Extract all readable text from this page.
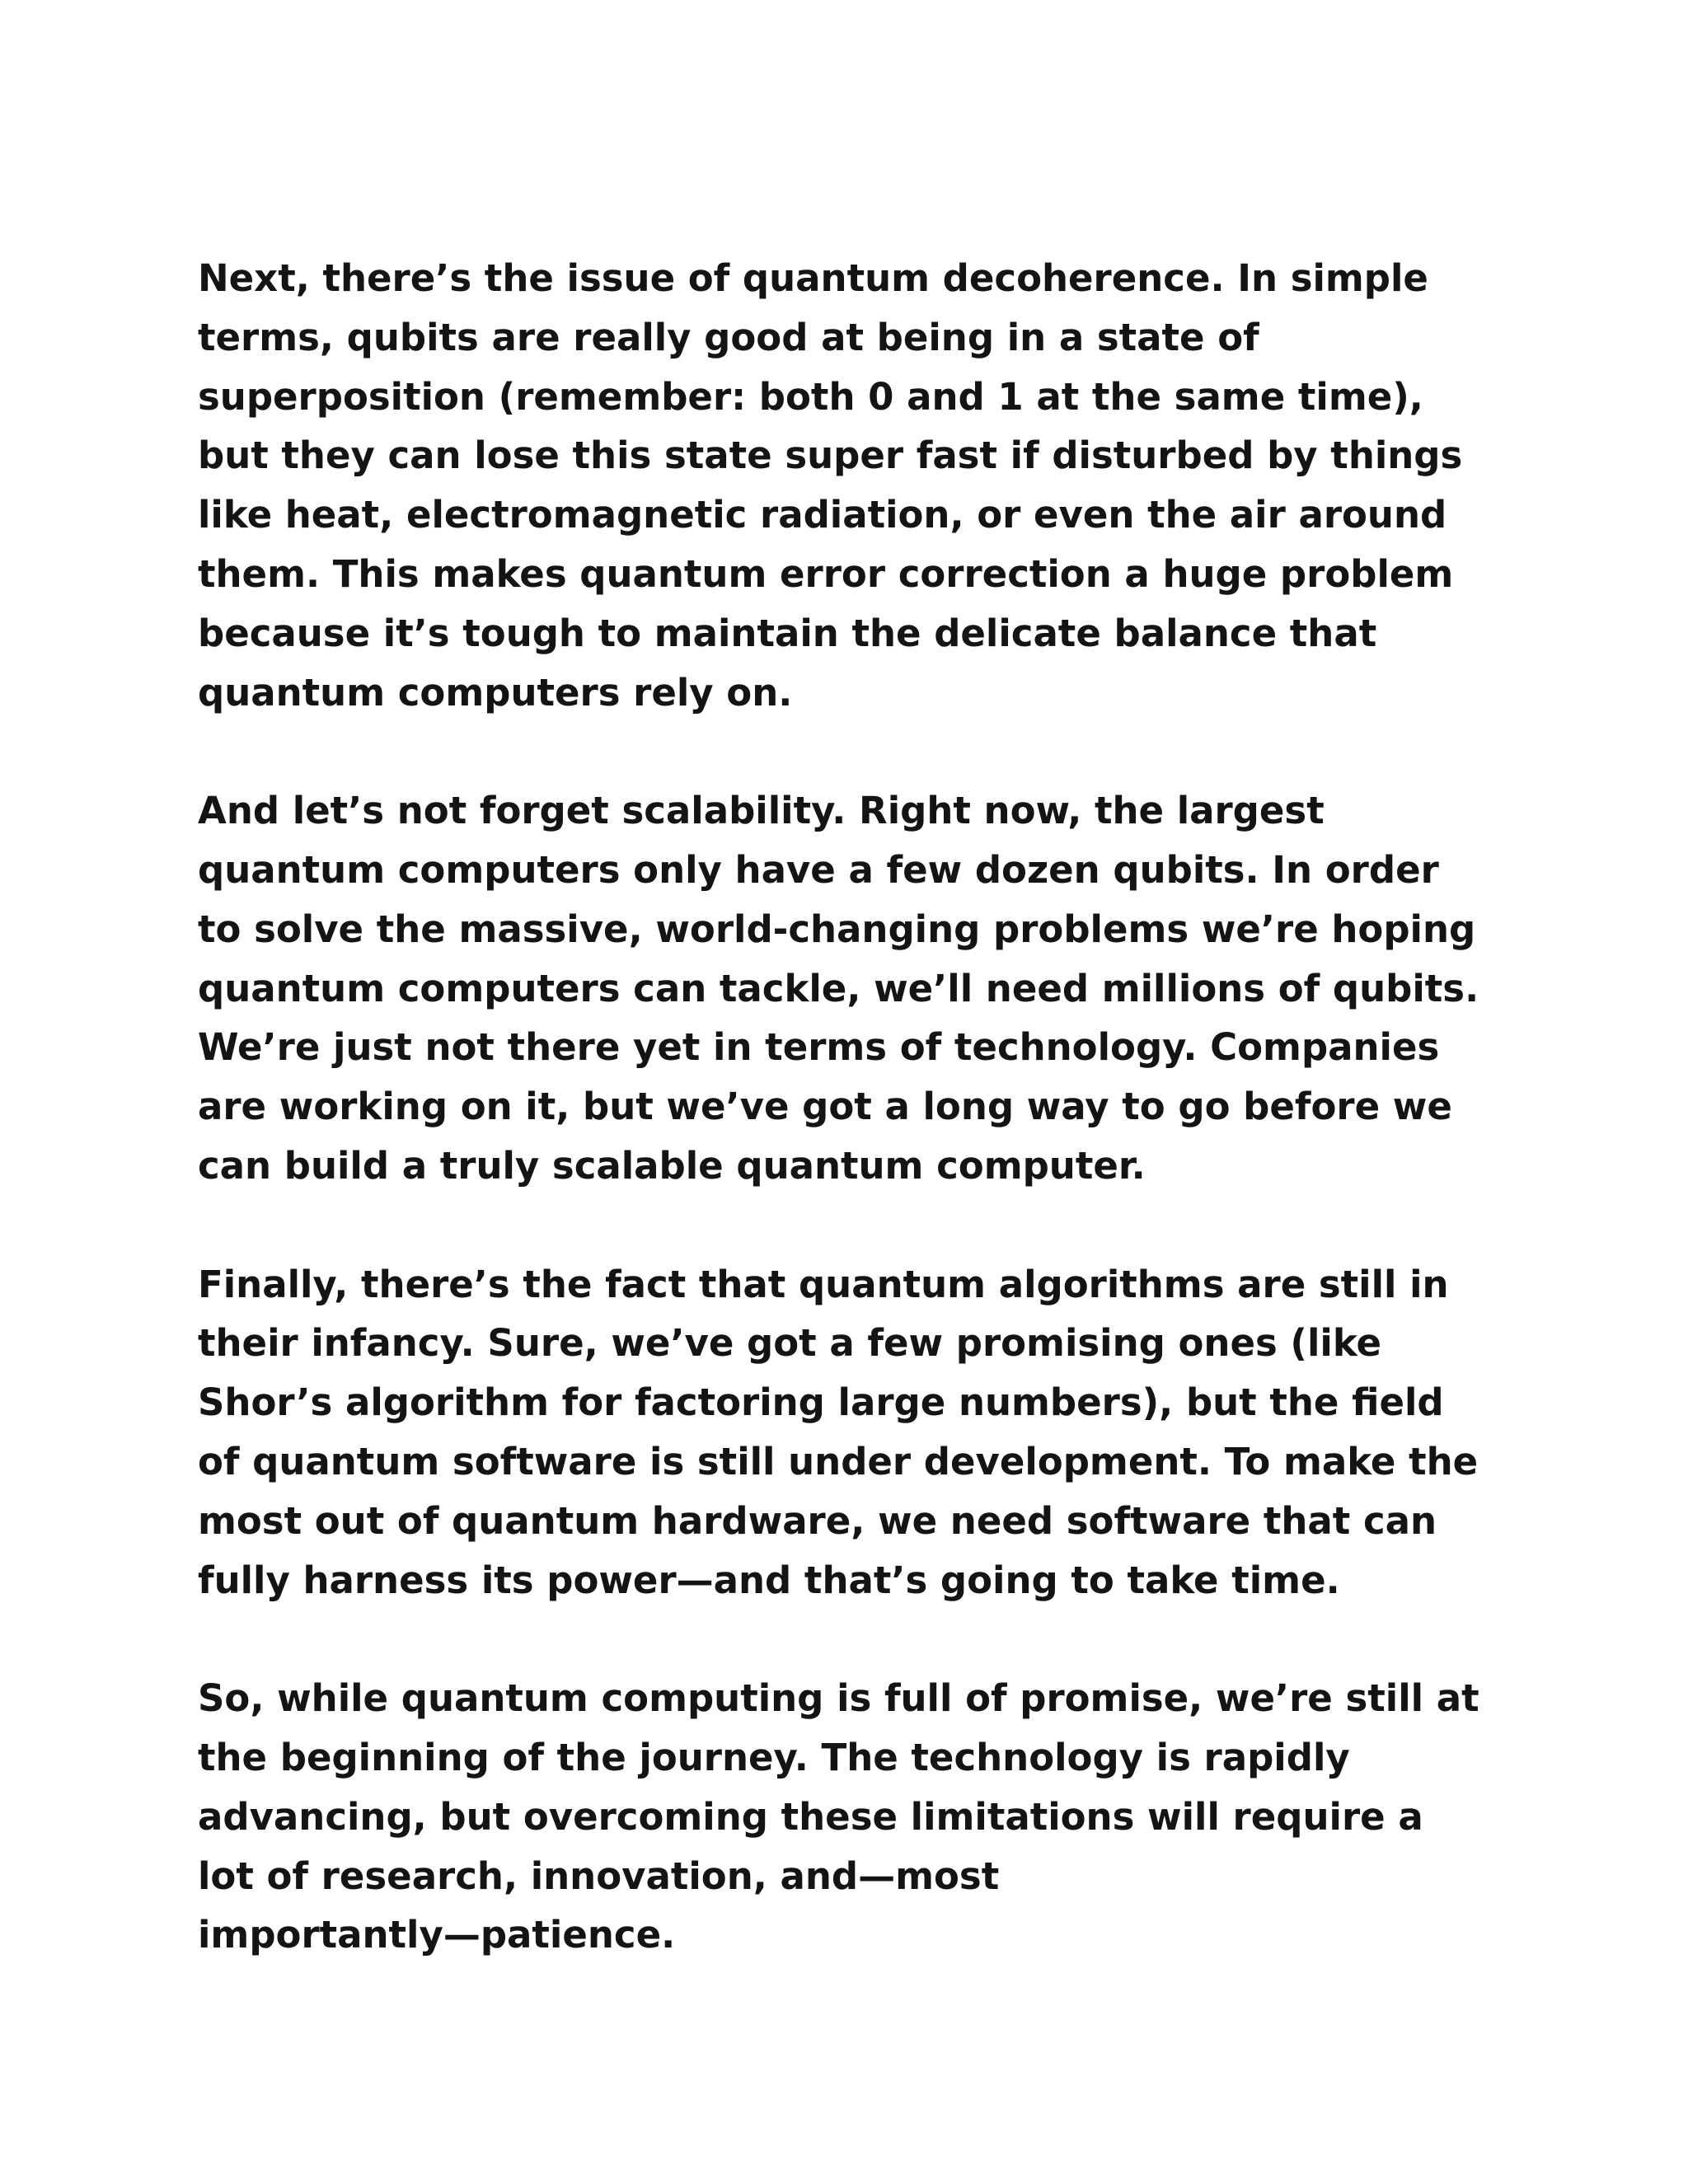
Next, there’s the issue of quantum decoherence. In simple
terms, qubits are really good at being in a state of
superposition (remember: both 0 and 1 at the same time),
but they can lose this state super fast if disturbed by things
like heat, electromagnetic radiation, or even the air around
them. This makes quantum error correction a huge problem
because it’s tough to maintain the delicate balance that
quantum computers rely on.

And let’s not forget scalability. Right now, the largest
quantum computers only have a few dozen qubits. In order
to solve the massive, world-changing problems we’re hoping
quantum computers can tackle, we’ll need millions of qubits.
We’re just not there yet in terms of technology. Companies
are working on it, but we’ve got a long way to go before we
can build a truly scalable quantum computer.

Finally, there’s the fact that quantum algorithms are still in
their infancy. Sure, we’ve got a few promising ones (like
Shor’s algorithm for factoring large numbers), but the field
of quantum software is still under development. To make the
most out of quantum hardware, we need software that can
fully harness its power—and that’s going to take time.

So, while quantum computing is full of promise, we’re still at
the beginning of the journey. The technology is rapidly
advancing, but overcoming these limitations will require a
lot of research, innovation, and—most
importantly—patience.
